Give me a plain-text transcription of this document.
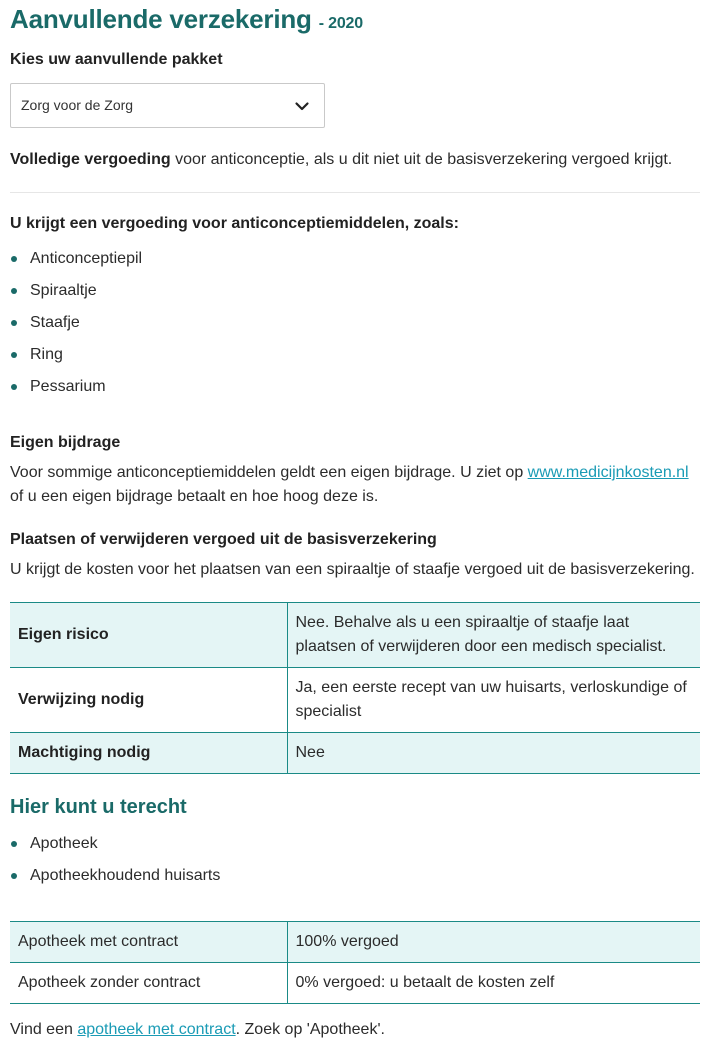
Aanvullende verzekering - 2020
Kies uw aanvullende pakket
Zorg voor de Zorg
Volledige vergoeding voor anticonceptie, als u dit niet uit de basisverzekering vergoed krijgt.
U krijgt een vergoeding voor anticonceptiemiddelen, zoals:
Anticonceptiepil
Spiraaltje
Staafje
Ring
Pessarium
Eigen bijdrage
Voor sommige anticonceptiemiddelen geldt een eigen bijdrage. U ziet op www.medicijnkosten.nl
of u een eigen bijdrage betaalt en hoe hoog deze is.
Plaatsen of verwijderen vergoed uit de basisverzekering
U krijgt de kosten voor het plaatsen van een spiraaltje of staafje vergoed uit de basisverzekering.
Eigen risico	Nee. Behalve als u een spiraaltje of staafje laat plaatsen of verwijderen door een medisch specialist.
Verwijzing nodig	Ja, een eerste recept van uw huisarts, verloskundige of specialist
Machtiging nodig	Nee
Hier kunt u terecht
Apotheek
Apotheekhoudend huisarts
Apotheek met contract	100% vergoed
Apotheek zonder contract	0% vergoed: u betaalt de kosten zelf
Vind een apotheek met contract. Zoek op 'Apotheek'.
